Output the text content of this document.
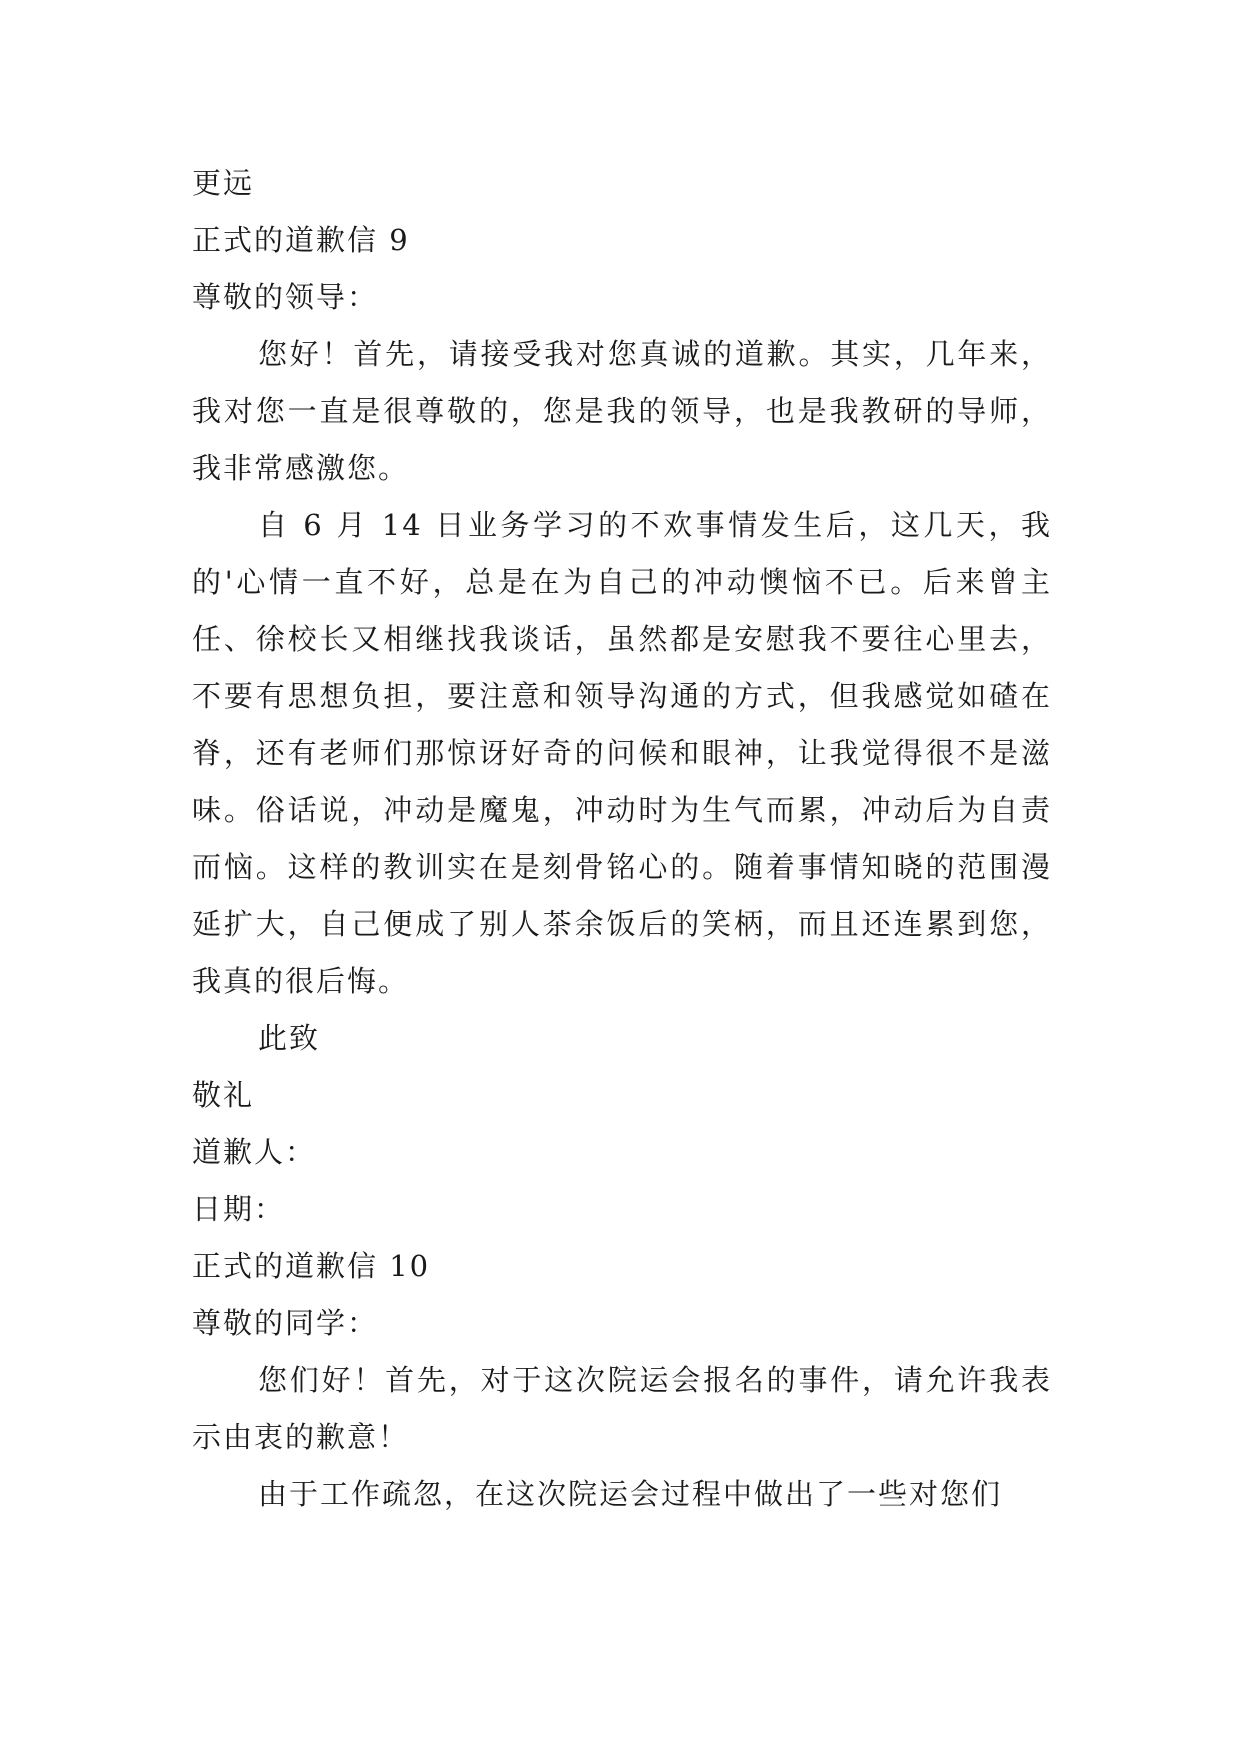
更远
正式的道歉信 9
尊敬的领导：

您好！首先，请接受我对您真诚的道歉。其实，几年来，我对您一直是很尊敬的，您是我的领导，也是我教研的导师，我非常感激您。

自 6 月 14 日业务学习的不欢事情发生后，这几天，我的'心情一直不好，总是在为自己的冲动懊恼不已。后来曾主任、徐校长又相继找我谈话，虽然都是安慰我不要往心里去，不要有思想负担，要注意和领导沟通的方式，但我感觉如碴在脊，还有老师们那惊讶好奇的问候和眼神，让我觉得很不是滋味。俗话说，冲动是魔鬼，冲动时为生气而累，冲动后为自责而恼。这样的教训实在是刻骨铭心的。随着事情知晓的范围漫延扩大，自己便成了别人茶余饭后的笑柄，而且还连累到您，我真的很后悔。

此致
敬礼
道歉人：
日期：
正式的道歉信 10
尊敬的同学：

您们好！首先，对于这次院运会报名的事件，请允许我表示由衷的歉意！

由于工作疏忽，在这次院运会过程中做出了一些对您们
